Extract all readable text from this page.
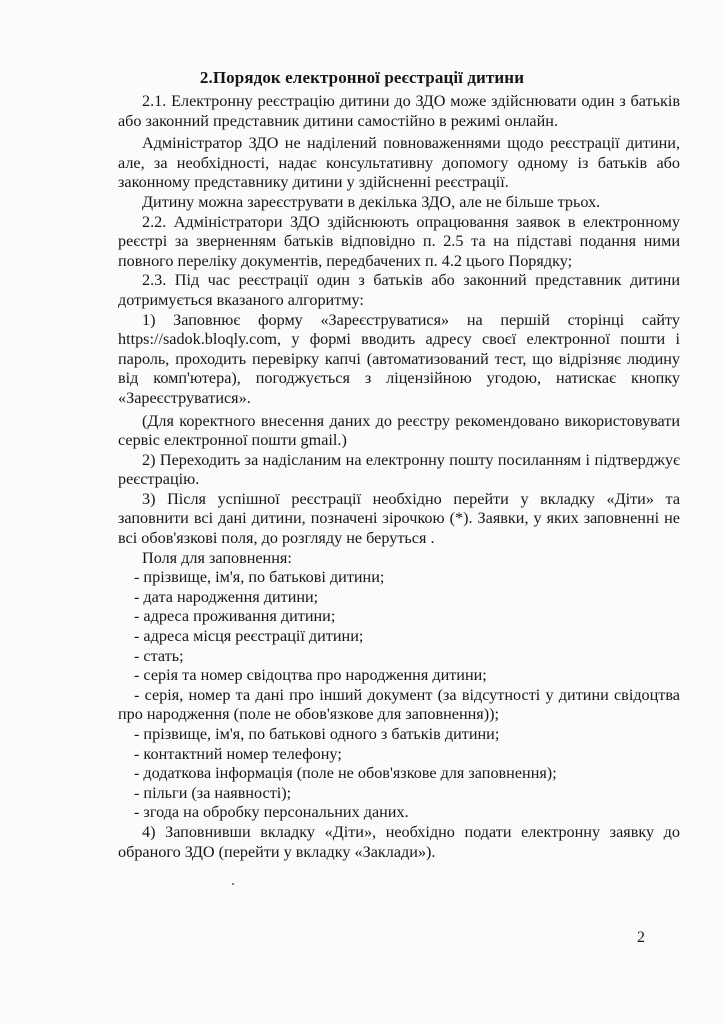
2.Порядок електронної реєстрації дитини

2.1. Електронну реєстрацію дитини до ЗДО може здійснювати один з батьків або законний представник дитини самостійно в режимі онлайн.

Адміністратор ЗДО не наділений повноваженнями щодо реєстрації дитини, але, за необхідності, надає консультативну допомогу одному із батьків або законному представнику дитини у здійсненні реєстрації.

Дитину можна зареєструвати в декілька ЗДО, але не більше трьох.

2.2. Адміністратори ЗДО здійснюють опрацювання заявок в електронному реєстрі за зверненням батьків відповідно п. 2.5 та на підставі подання ними повного переліку документів, передбачених п. 4.2 цього Порядку;

2.3. Під час реєстрації один з батьків або законний представник дитини дотримується вказаного алгоритму:

1) Заповнює форму «Зареєструватися» на першій сторінці сайту https://sadok.bloqly.com, у формі вводить адресу своєї електронної пошти і пароль, проходить перевірку капчі (автоматизований тест, що відрізняє людину від комп'ютера), погоджується з ліцензійною угодою, натискає кнопку «Зареєструватися».

(Для коректного внесення даних до реєстру рекомендовано використовувати сервіс електронної пошти gmail.)

2) Переходить за надісланим на електронну пошту посиланням і підтверджує реєстрацію.

3) Після успішної реєстрації необхідно перейти у вкладку «Діти» та заповнити всі дані дитини, позначені зірочкою (*). Заявки, у яких заповненні не всі обов'язкові поля, до розгляду не беруться .

Поля для заповнення:

- прізвище, ім'я, по батькові дитини;
- дата народження дитини;
- адреса проживання дитини;
- адреса місця реєстрації дитини;
- стать;
- серія та номер свідоцтва про народження дитини;
- серія, номер та дані про інший документ (за відсутності у дитини свідоцтва про народження (поле не обов'язкове для заповнення));
- прізвище, ім'я, по батькові одного з батьків дитини;
- контактний номер телефону;
- додаткова інформація (поле не обов'язкове для заповнення);
- пільги (за наявності);
- згода на обробку персональних даних.

4) Заповнивши вкладку «Діти», необхідно подати електронну заявку до обраного ЗДО (перейти у вкладку «Заклади»).

2
